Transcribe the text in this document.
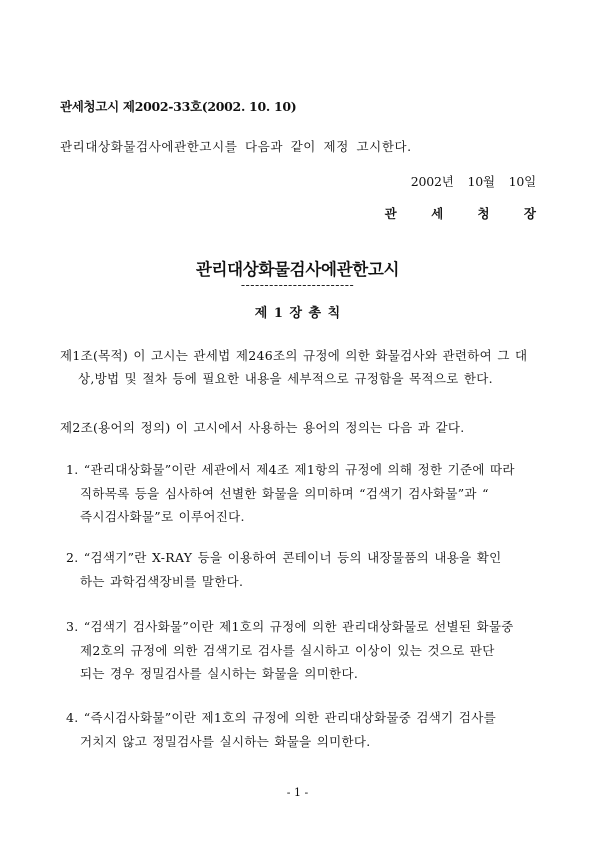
관세청고시 제2002-33호(2002. 10. 10)
관리대상화물검사에관한고시를 다음과 같이 제정 고시한다.
2002년 10월 10일
관 세 청 장
관리대상화물검사에관한고시
------------------------
제 1 장 총 칙
제1조(목적) 이 고시는 관세법 제246조의 규정에 의한 화물검사와 관련하여 그 대
상,방법 및 절차 등에 필요한 내용을 세부적으로 규정함을 목적으로 한다.
제2조(용어의 정의) 이 고시에서 사용하는 용어의 정의는 다음 과 같다.
1. “관리대상화물”이란 세관에서 제4조 제1항의 규정에 의해 정한 기준에 따라
직하목록 등을 심사하여 선별한 화물을 의미하며 “검색기 검사화물”과 “
즉시검사화물”로 이루어진다.
2. “검색기”란 X-RAY 등을 이용하여 콘테이너 등의 내장물품의 내용을 확인
하는 과학검색장비를 말한다.
3. “검색기 검사화물”이란 제1호의 규정에 의한 관리대상화물로 선별된 화물중
제2호의 규정에 의한 검색기로 검사를 실시하고 이상이 있는 것으로 판단
되는 경우 정밀검사를 실시하는 화물을 의미한다.
4. “즉시검사화물”이란 제1호의 규정에 의한 관리대상화물중 검색기 검사를
거치지 않고 정밀검사를 실시하는 화물을 의미한다.
- 1 -
